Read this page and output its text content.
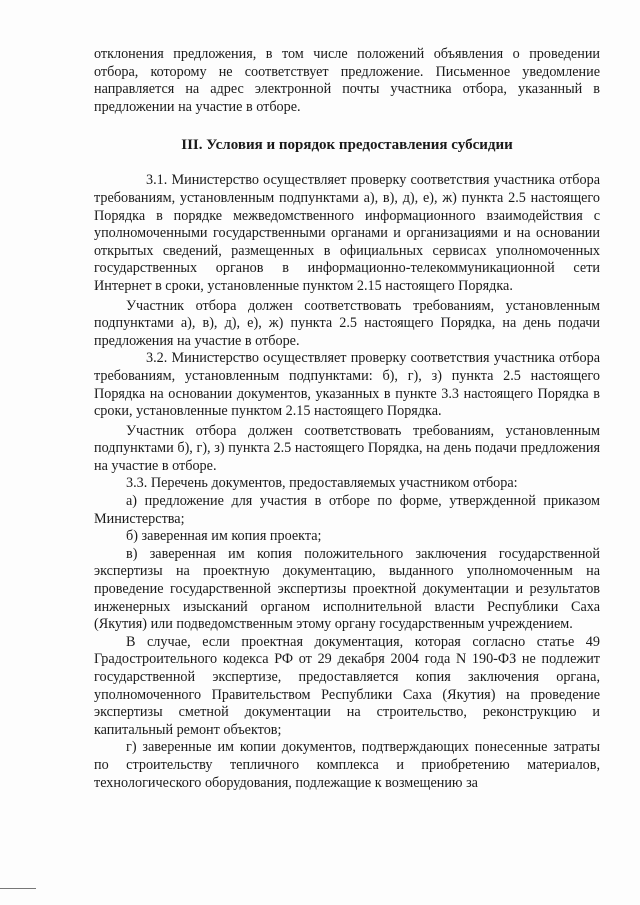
отклонения предложения, в том числе положений объявления о проведении отбора, которому не соответствует предложение. Письменное уведомление направляется на адрес электронной почты участника отбора, указанный в предложении на участие в отборе.

III. Условия и порядок предоставления субсидии

3.1. Министерство осуществляет проверку соответствия участника отбора требованиям, установленным подпунктами а), в), д), е), ж) пункта 2.5 настоящего Порядка в порядке межведомственного информационного взаимодействия с уполномоченными государственными органами и организациями и на основании открытых сведений, размещенных в официальных сервисах уполномоченных государственных органов в информационно-телекоммуникационной сети Интернет в сроки, установленные пунктом 2.15 настоящего Порядка.

Участник отбора должен соответствовать требованиям, установленным подпунктами а), в), д), е), ж) пункта 2.5 настоящего Порядка, на день подачи предложения на участие в отборе.

3.2. Министерство осуществляет проверку соответствия участника отбора требованиям, установленным подпунктами: б), г), з) пункта 2.5 настоящего Порядка на основании документов, указанных в пункте 3.3 настоящего Порядка в сроки, установленные пунктом 2.15 настоящего Порядка.

Участник отбора должен соответствовать требованиям, установленным подпунктами б), г), з) пункта 2.5 настоящего Порядка, на день подачи предложения на участие в отборе.

3.3. Перечень документов, предоставляемых участником отбора:

а) предложение для участия в отборе по форме, утвержденной приказом Министерства;

б) заверенная им копия проекта;

в) заверенная им копия положительного заключения государственной экспертизы на проектную документацию, выданного уполномоченным на проведение государственной экспертизы проектной документации и результатов инженерных изысканий органом исполнительной власти Республики Саха (Якутия) или подведомственным этому органу государственным учреждением.

В случае, если проектная документация, которая согласно статье 49 Градостроительного кодекса РФ от 29 декабря 2004 года N 190-ФЗ не подлежит государственной экспертизе, предоставляется копия заключения органа, уполномоченного Правительством Республики Саха (Якутия) на проведение экспертизы сметной документации на строительство, реконструкцию и капитальный ремонт объектов;

г) заверенные им копии документов, подтверждающих понесенные затраты по строительству тепличного комплекса и приобретению материалов, технологического оборудования, подлежащие к возмещению за
